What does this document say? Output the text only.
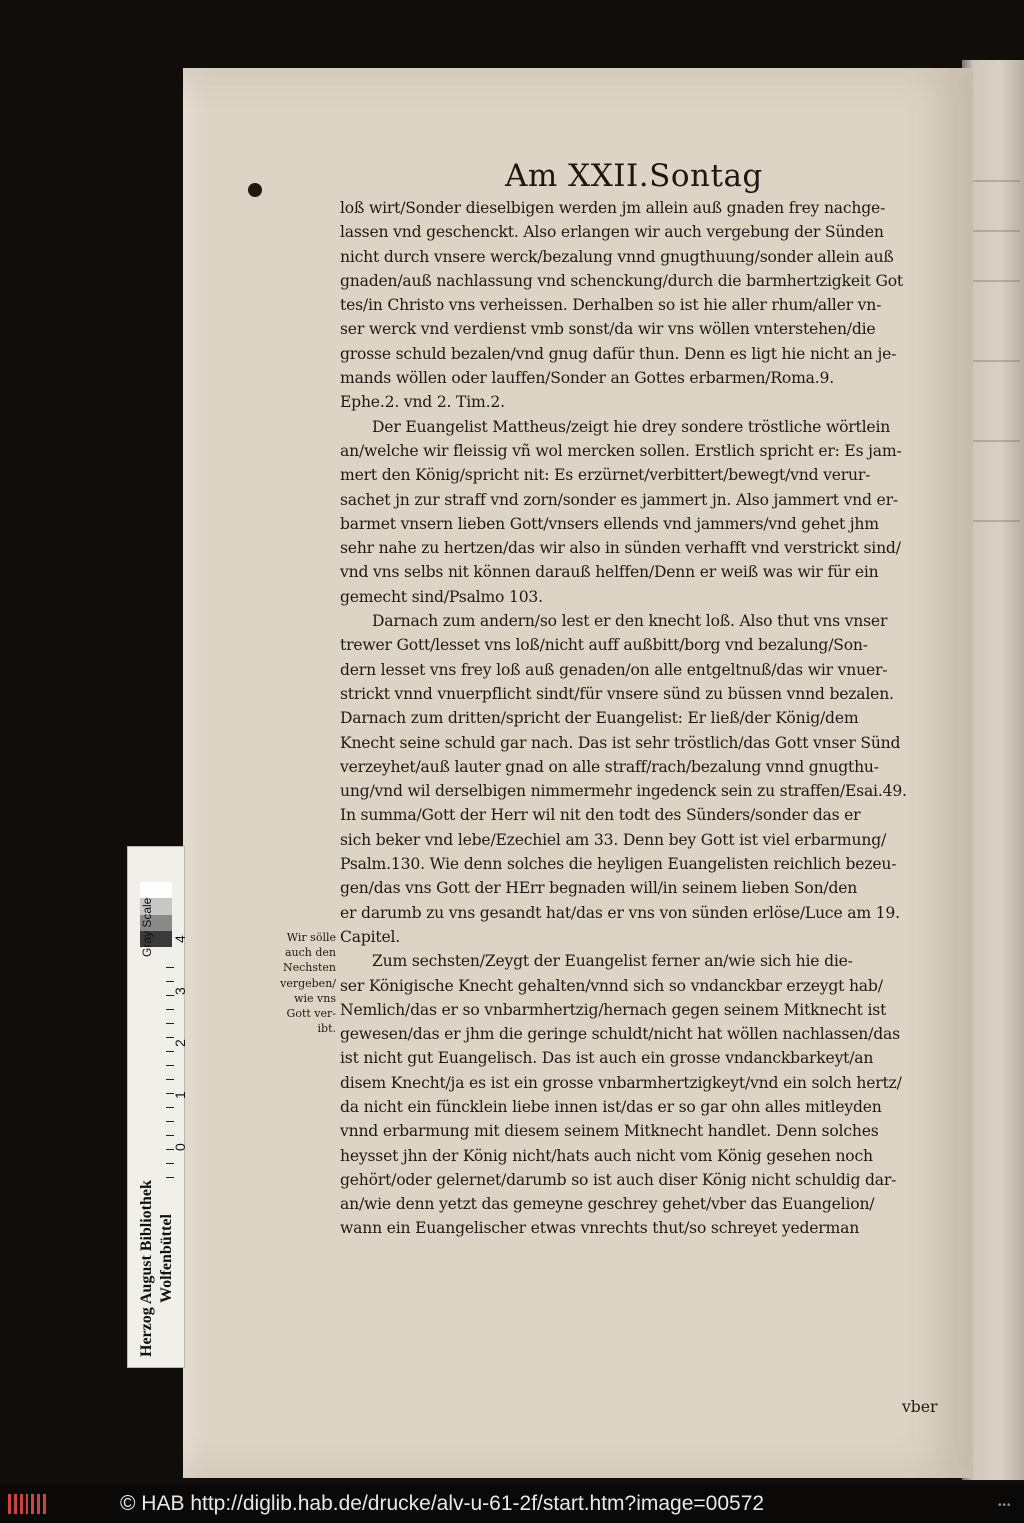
Am XXII.Sontag
loß wirt/Sonder dieselbigen werden jm allein auß gnaden frey nachge-
lassen vnd geschenckt. Also erlangen wir auch vergebung der Sünden
nicht durch vnsere werck/bezalung vnnd gnugthuung/sonder allein auß
gnaden/auß nachlassung vnd schenckung/durch die barmhertzigkeit Got
tes/in Christo vns verheissen. Derhalben so ist hie aller rhum/aller vn-
ser werck vnd verdienst vmb sonst/da wir vns wöllen vnterstehen/die
grosse schuld bezalen/vnd gnug dafür thun. Denn es ligt hie nicht an je-
mands wöllen oder lauffen/Sonder an Gottes erbarmen/Roma.9.
Ephe.2. vnd 2. Tim.2.
Der Euangelist Mattheus/zeigt hie drey sondere tröstliche wörtlein
an/welche wir fleissig vñ wol mercken sollen. Erstlich spricht er: Es jam-
mert den König/spricht nit: Es erzürnet/verbittert/bewegt/vnd verur-
sachet jn zur straff vnd zorn/sonder es jammert jn. Also jammert vnd er-
barmet vnsern lieben Gott/vnsers ellends vnd jammers/vnd gehet jhm
sehr nahe zu hertzen/das wir also in sünden verhafft vnd verstrickt sind/
vnd vns selbs nit können darauß helffen/Denn er weiß was wir für ein
gemecht sind/Psalmo 103.
Darnach zum andern/so lest er den knecht loß. Also thut vns vnser
trewer Gott/lesset vns loß/nicht auff außbitt/borg vnd bezalung/Son-
dern lesset vns frey loß auß genaden/on alle entgeltnuß/das wir vnuer-
strickt vnnd vnuerpflicht sindt/für vnsere sünd zu büssen vnnd bezalen.
Darnach zum dritten/spricht der Euangelist: Er ließ/der König/dem
Knecht seine schuld gar nach. Das ist sehr tröstlich/das Gott vnser Sünd
verzeyhet/auß lauter gnad on alle straff/rach/bezalung vnnd gnugthu-
ung/vnd wil derselbigen nimmermehr ingedenck sein zu straffen/Esai.49.
In summa/Gott der Herr wil nit den todt des Sünders/sonder das er
sich beker vnd lebe/Ezechiel am 33. Denn bey Gott ist viel erbarmung/
Psalm.130. Wie denn solches die heyligen Euangelisten reichlich bezeu-
gen/das vns Gott der HErr begnaden will/in seinem lieben Son/den
er darumb zu vns gesandt hat/das er vns von sünden erlöse/Luce am 19.
Capitel.
Zum sechsten/Zeygt der Euangelist ferner an/wie sich hie die-
ser Königische Knecht gehalten/vnnd sich so vndanckbar erzeygt hab/
Nemlich/das er so vnbarmhertzig/hernach gegen seinem Mitknecht ist
gewesen/das er jhm die geringe schuldt/nicht hat wöllen nachlassen/das
ist nicht gut Euangelisch. Das ist auch ein grosse vndanckbarkeyt/an
disem Knecht/ja es ist ein grosse vnbarmhertzigkeyt/vnd ein solch hertz/
da nicht ein füncklein liebe innen ist/das er so gar ohn alles mitleyden
vnnd erbarmung mit diesem seinem Mitknecht handlet. Denn solches
heysset jhn der König nicht/hats auch nicht vom König gesehen noch
gehört/oder gelernet/darumb so ist auch diser König nicht schuldig dar-
an/wie denn yetzt das gemeyne geschrey gehet/vber das Euangelion/
wann ein Euangelischer etwas vnrechts thut/so schreyet yederman
Wir sölle
auch den
Nechsten
vergeben/
wie vns
Gott ver-
ibt.
vber
Gray Scale 4
3
2
1
0
Herzog August Bibliothek Wolfenbüttel
© HAB http://diglib.hab.de/drucke/alv-u-61-2f/start.htm?image=00572	•••
